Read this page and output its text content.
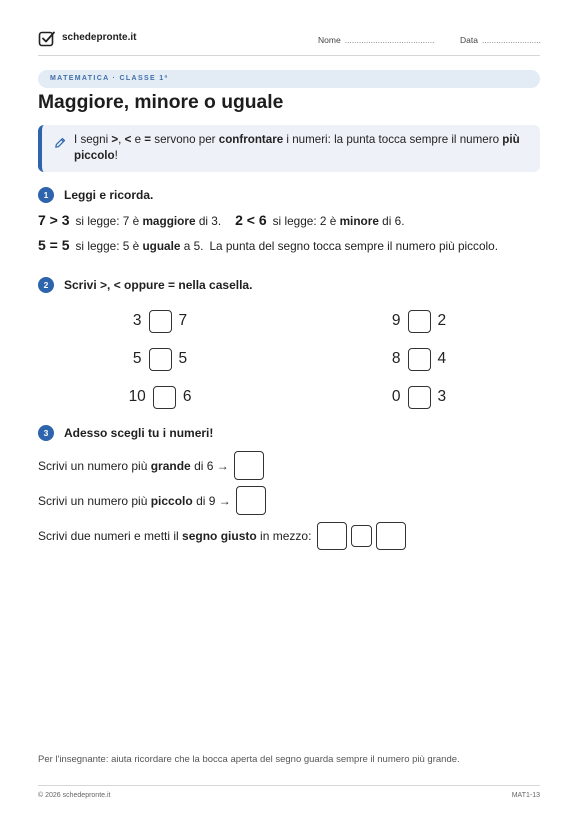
schedepronte.it	Nome ......................................	Data .........................
MATEMATICA · CLASSE 1ª
Maggiore, minore o uguale
I segni >, < e = servono per confrontare i numeri: la punta tocca sempre il numero più piccolo!
1	Leggi e ricorda.
7 > 3 si legge: 7 è maggiore di 3. 2 < 6 si legge: 2 è minore di 6.
5 = 5 si legge: 5 è uguale a 5. La punta del segno tocca sempre il numero più piccolo.
2	Scrivi >, < oppure = nella casella.
3 7	9 2
5 5	8 4
10 6	0 3
3	Adesso scegli tu i numeri!
Scrivi un numero più grande di 6 →
Scrivi un numero più piccolo di 9 →
Scrivi due numeri e metti il segno giusto in mezzo:
Per l'insegnante: aiuta ricordare che la bocca aperta del segno guarda sempre il numero più grande.
© 2026 schedepronte.it	MAT1-13
